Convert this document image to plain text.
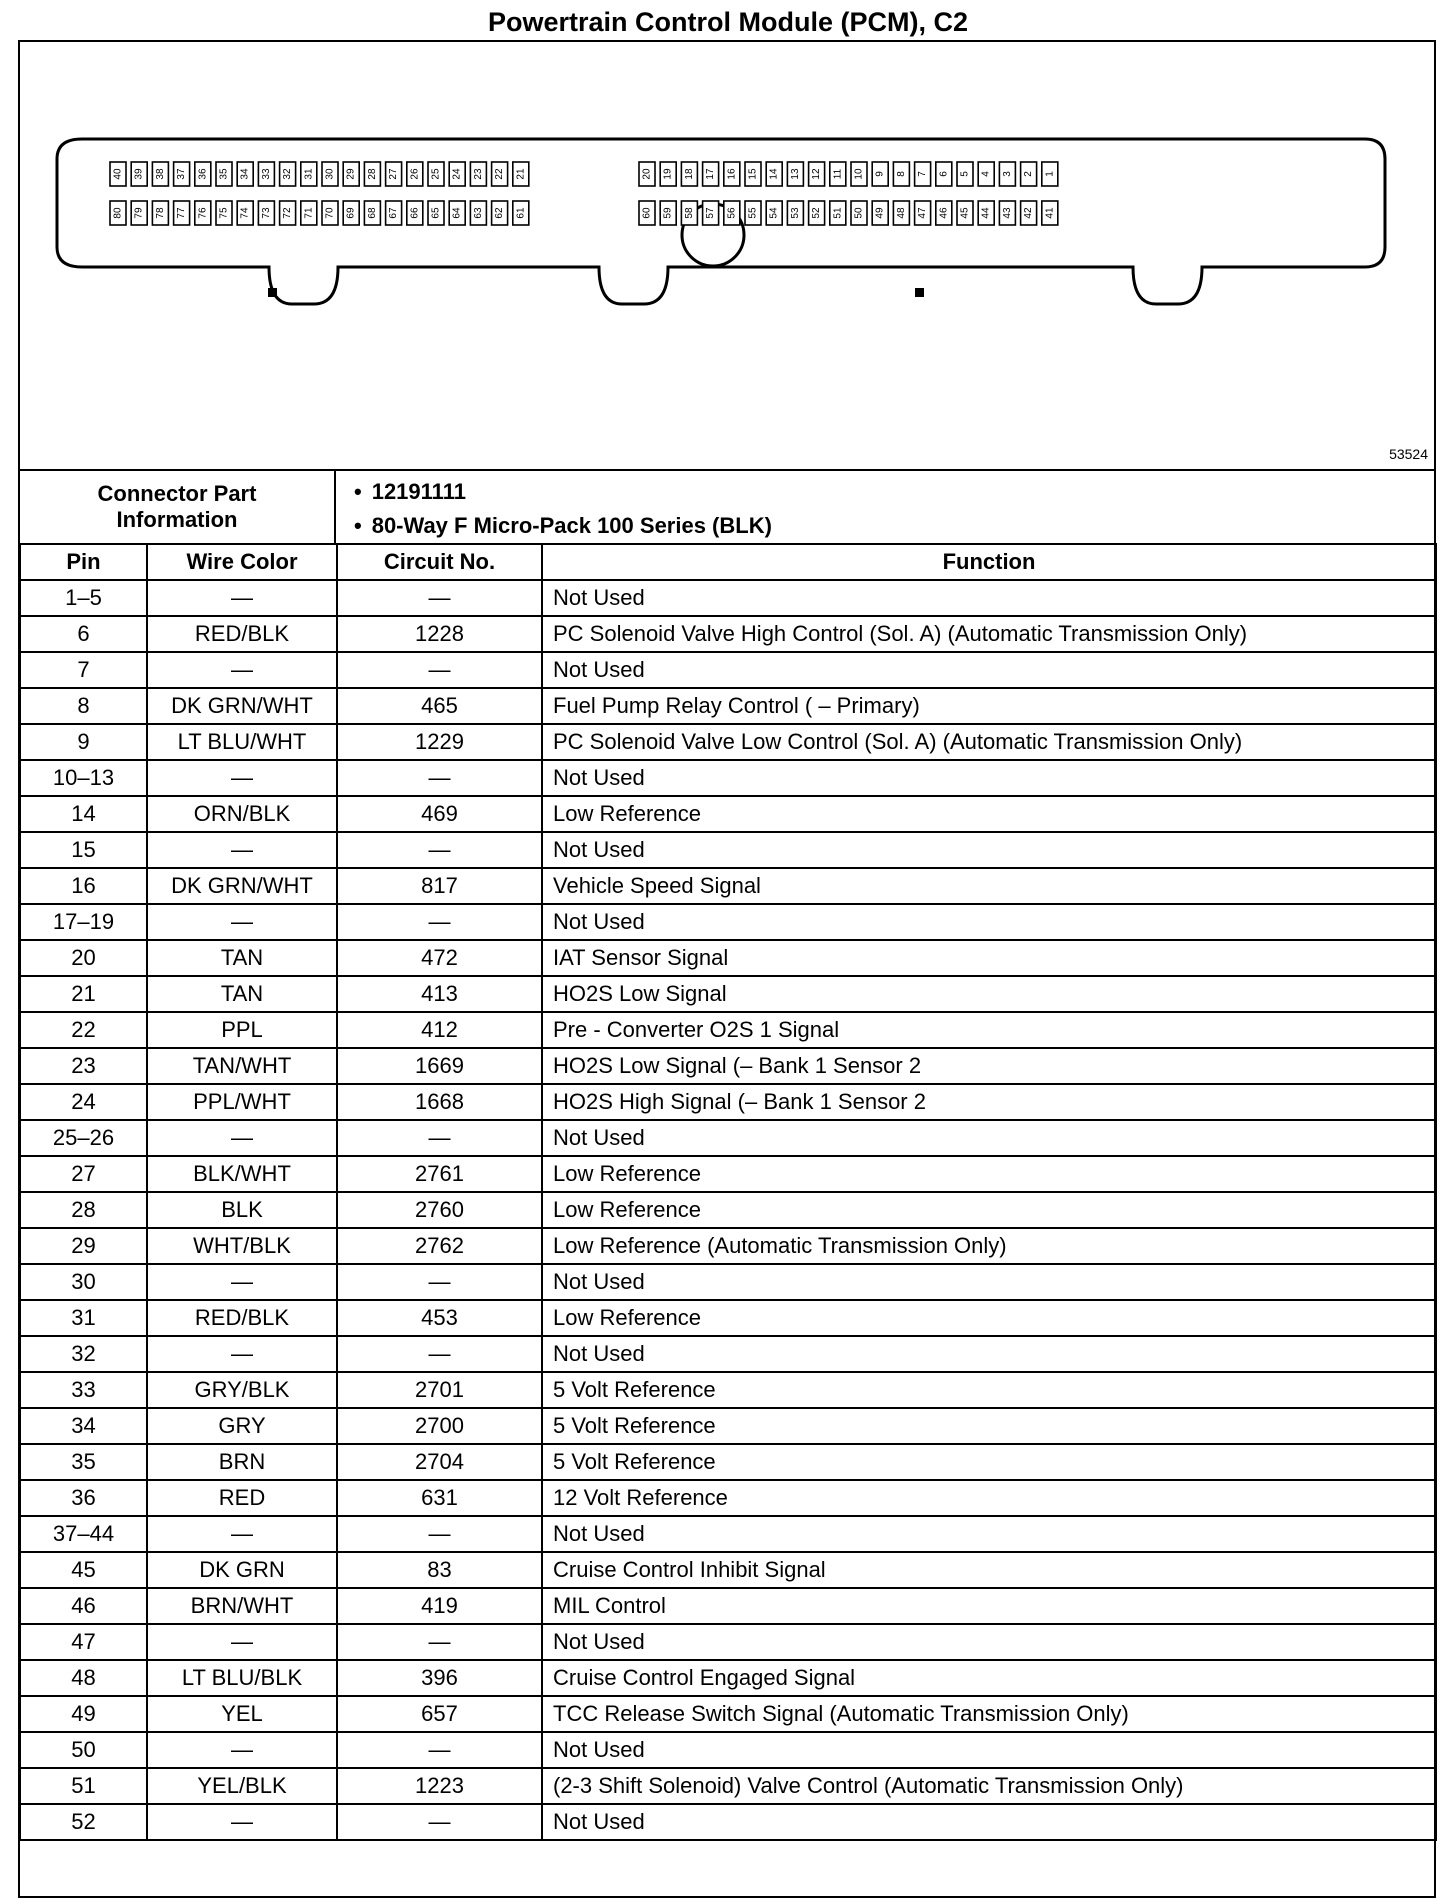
Powertrain Control Module (PCM), C2
40 39 38 37 36 35 34 33 32 31 30 29 28 27 26 25 24 23 22 21
80 79 78 77 76 75 74 73 72 71 70 69 68 67 66 65 64 63 62 61
20 19 18 17 16 15 14 13 12 11 10 9 8 7 6 5 4 3 2 1
60 59 58 57 56 55 54 53 52 51 50 49 48 47 46 45 44 43 42 41
53524
Connector Part
Information
• 12191111
• 80-Way F Micro-Pack 100 Series (BLK)
Pin	Wire Color	Circuit No.	Function
1–5	—	—	Not Used
6	RED/BLK	1228	PC Solenoid Valve High Control (Sol. A) (Automatic Transmission Only)
7	—	—	Not Used
8	DK GRN/WHT	465	Fuel Pump Relay Control ( – Primary)
9	LT BLU/WHT	1229	PC Solenoid Valve Low Control (Sol. A) (Automatic Transmission Only)
10–13	—	—	Not Used
14	ORN/BLK	469	Low Reference
15	—	—	Not Used
16	DK GRN/WHT	817	Vehicle Speed Signal
17–19	—	—	Not Used
20	TAN	472	IAT Sensor Signal
21	TAN	413	HO2S Low Signal
22	PPL	412	Pre - Converter O2S 1 Signal
23	TAN/WHT	1669	HO2S Low Signal (– Bank 1 Sensor 2
24	PPL/WHT	1668	HO2S High Signal (– Bank 1 Sensor 2
25–26	—	—	Not Used
27	BLK/WHT	2761	Low Reference
28	BLK	2760	Low Reference
29	WHT/BLK	2762	Low Reference (Automatic Transmission Only)
30	—	—	Not Used
31	RED/BLK	453	Low Reference
32	—	—	Not Used
33	GRY/BLK	2701	5 Volt Reference
34	GRY	2700	5 Volt Reference
35	BRN	2704	5 Volt Reference
36	RED	631	12 Volt Reference
37–44	—	—	Not Used
45	DK GRN	83	Cruise Control Inhibit Signal
46	BRN/WHT	419	MIL Control
47	—	—	Not Used
48	LT BLU/BLK	396	Cruise Control Engaged Signal
49	YEL	657	TCC Release Switch Signal (Automatic Transmission Only)
50	—	—	Not Used
51	YEL/BLK	1223	(2-3 Shift Solenoid) Valve Control (Automatic Transmission Only)
52	—	—	Not Used
